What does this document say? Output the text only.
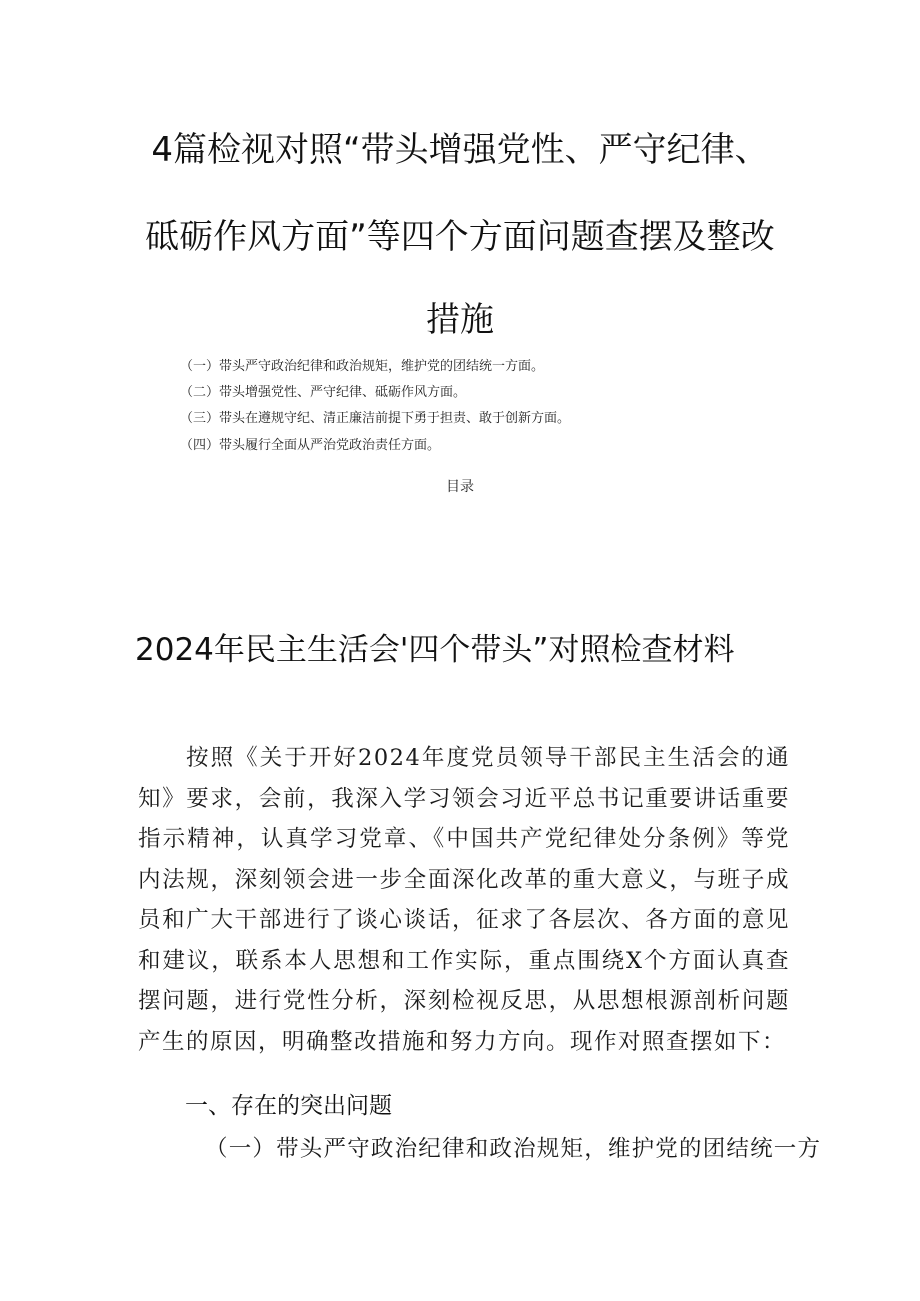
4篇检视对照“带头增强党性、严守纪律、
砥砺作风方面”等四个方面问题查摆及整改
措施
（一）带头严守政治纪律和政治规矩，维护党的团结统一方面。
（二）带头增强党性、严守纪律、砥砺作风方面。
（三）带头在遵规守纪、清正廉洁前提下勇于担责、敢于创新方面。
（四）带头履行全面从严治党政治责任方面。
目录
2024年民主生活会'四个带头”对照检查材料
按照《关于开好2024年度党员领导干部民主生活会的通知》要求，会前，我深入学习领会习近平总书记重要讲话重要指示精神，认真学习党章、《中国共产党纪律处分条例》等党内法规，深刻领会进一步全面深化改革的重大意义，与班子成员和广大干部进行了谈心谈话，征求了各层次、各方面的意见和建议，联系本人思想和工作实际，重点围绕X个方面认真查摆问题，进行党性分析，深刻检视反思，从思想根源剖析问题产生的原因，明确整改措施和努力方向。现作对照查摆如下：
一、存在的突出问题
（一）带头严守政治纪律和政治规矩，维护党的团结统一方
